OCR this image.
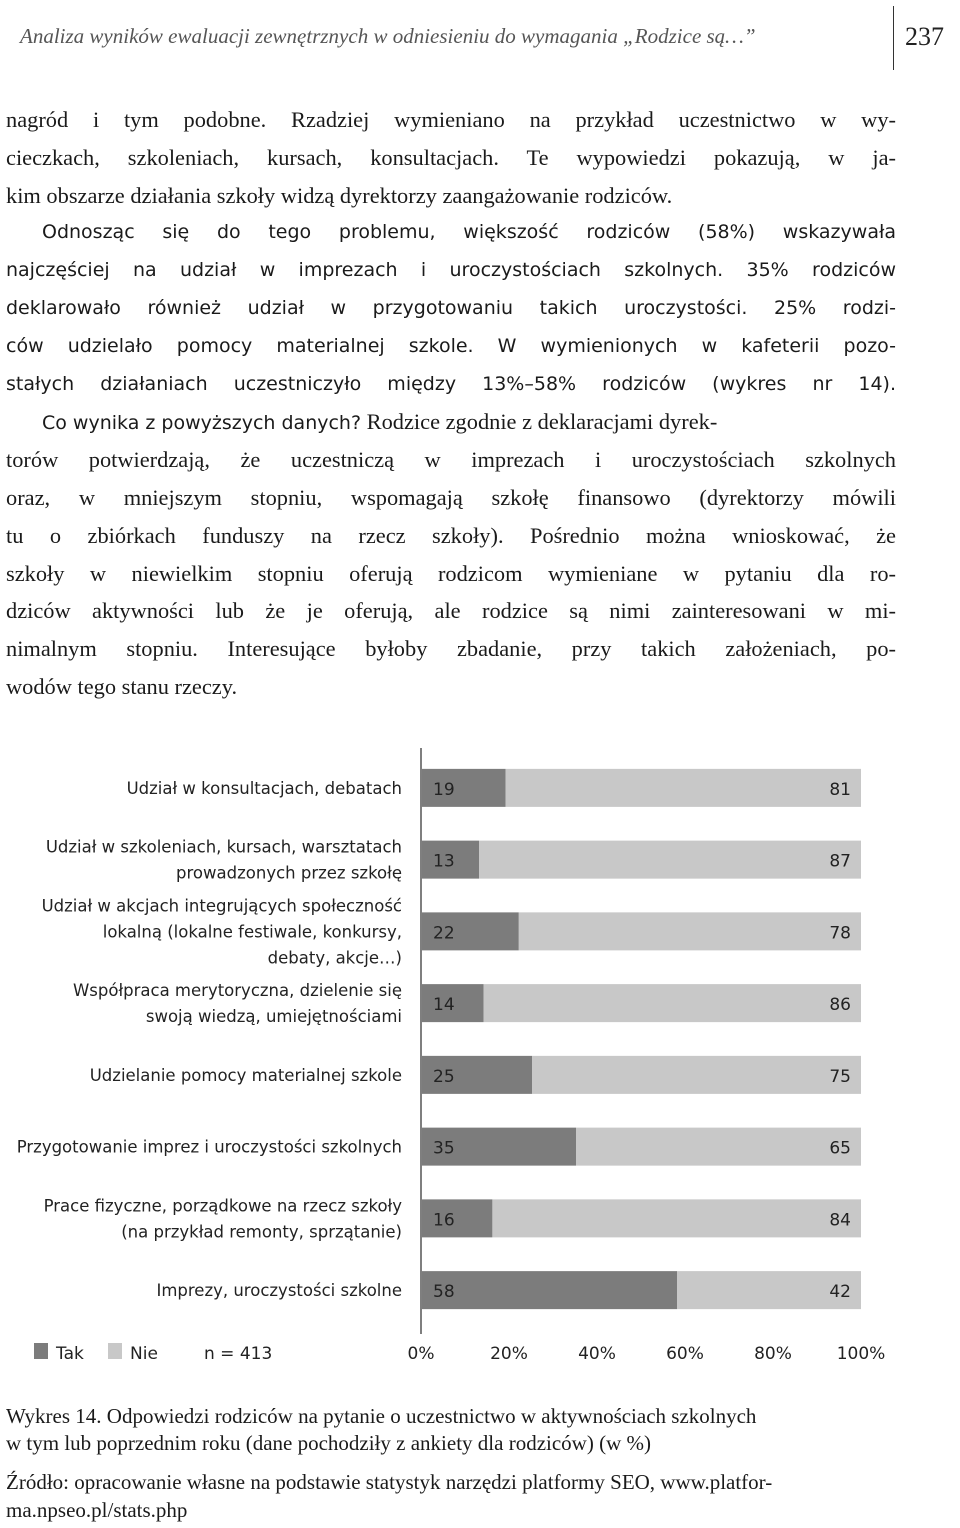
Analiza wyników ewaluacji zewnętrznych w odniesieniu do wymagania „Rodzice są…”	237
nagród i tym podobne. Rzadziej wymieniano na przykład uczestnictwo w wy-
cieczkach, szkoleniach, kursach, konsultacjach. Te wypowiedzi pokazują, w ja-
kim obszarze działania szkoły widzą dyrektorzy zaangażowanie rodziców.
Odnosząc się do tego problemu, większość rodziców (58%) wskazywała
najczęściej na udział w imprezach i uroczystościach szkolnych. 35% rodziców
deklarowało również udział w przygotowaniu takich uroczystości. 25% rodzi-
ców udzielało pomocy materialnej szkole. W wymienionych w kafeterii pozo-
stałych działaniach uczestniczyło między 13%–58% rodziców (wykres nr 14).
Co wynika z powyższych danych? Rodzice zgodnie z deklaracjami dyrek-
torów potwierdzają, że uczestniczą w imprezach i uroczystościach szkolnych
oraz, w mniejszym stopniu, wspomagają szkołę finansowo (dyrektorzy mówili
tu o zbiórkach funduszy na rzecz szkoły). Pośrednio można wnioskować, że
szkoły w niewielkim stopniu oferują rodzicom wymieniane w pytaniu dla ro-
dziców aktywności lub że je oferują, ale rodzice są nimi zainteresowani w mi-
nimalnym stopniu. Interesujące byłoby zbadanie, przy takich założeniach, po-
wodów tego stanu rzeczy.
19	81
Udział w konsultacjach, debatach
13	87
Udział w szkoleniach, kursach, warsztatach
prowadzonych przez szkołę
22	78
Udział w akcjach integrujących społeczność
lokalną (lokalne festiwale, konkursy,
debaty, akcje…)
14	86
Współpraca merytoryczna, dzielenie się
swoją wiedzą, umiejętnościami
25	75
Udzielanie pomocy materialnej szkole
35	65
Przygotowanie imprez i uroczystości szkolnych
16	84
Prace fizyczne, porządkowe na rzecz szkoły
(na przykład remonty, sprzątanie)
58	42
Imprezy, uroczystości szkolne
0%	20%	40%	60%	80%	100%
Tak	Nie	n = 413
Wykres 14. Odpowiedzi rodziców na pytanie o uczestnictwo w aktywnościach szkolnych
w tym lub poprzednim roku (dane pochodziły z ankiety dla rodziców) (w %)
Źródło: opracowanie własne na podstawie statystyk narzędzi platformy SEO, www.platfor-
ma.npseo.pl/stats.php
